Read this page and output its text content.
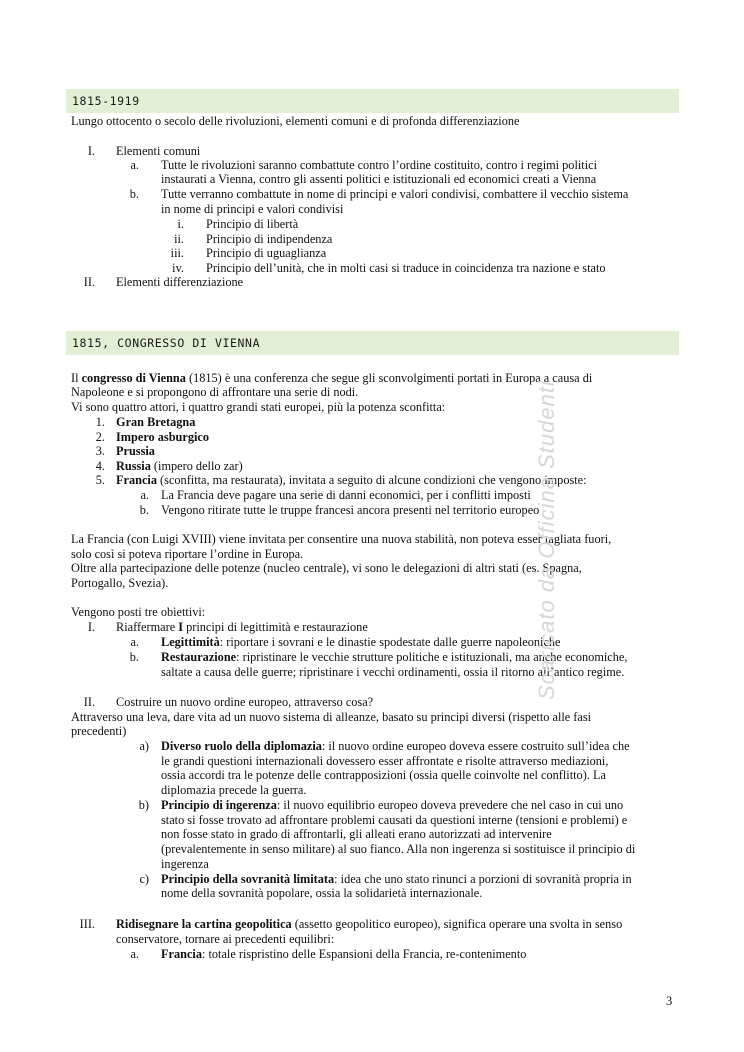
1815-1919
Lungo ottocento o secolo delle rivoluzioni, elementi comuni e di profonda differenziazione
I. Elementi comuni
a. Tutte le rivoluzioni saranno combattute contro l’ordine costituito, contro i regimi politici
instaurati a Vienna, contro gli assenti politici e istituzionali ed economici creati a Vienna
b. Tutte verranno combattute in nome di principi e valori condivisi, combattere il vecchio sistema
in nome di principi e valori condivisi
i. Principio di libertà
ii. Principio di indipendenza
iii. Principio di uguaglianza
iv. Principio dell’unità, che in molti casi si traduce in coincidenza tra nazione e stato
II. Elementi differenziazione
1815, CONGRESSO DI VIENNA
Il congresso di Vienna (1815) è una conferenza che segue gli sconvolgimenti portati in Europa a causa di
Napoleone e si propongono di affrontare una serie di nodi.
Vi sono quattro attori, i quattro grandi stati europei, più la potenza sconfitta:
1. Gran Bretagna
2. Impero asburgico
3. Prussia
4. Russia (impero dello zar)
5. Francia (sconfitta, ma restaurata), invitata a seguito di alcune condizioni che vengono imposte:
a. La Francia deve pagare una serie di danni economici, per i conflitti imposti
b. Vengono ritirate tutte le truppe francesi ancora presenti nel territorio europeo
La Francia (con Luigi XVIII) viene invitata per consentire una nuova stabilità, non poteva esser tagliata fuori,
solo così si poteva riportare l’ordine in Europa.
Oltre alla partecipazione delle potenze (nucleo centrale), vi sono le delegazioni di altri stati (es. Spagna,
Portogallo, Svezia).
Vengono posti tre obiettivi:
I. Riaffermare I principi di legittimità e restaurazione
a. Legittimità: riportare i sovrani e le dinastie spodestate dalle guerre napoleoniche
b. Restaurazione: ripristinare le vecchie strutture politiche e istituzionali, ma anche economiche,
saltate a causa delle guerre; ripristinare i vecchi ordinamenti, ossia il ritorno all’antico regime.
II. Costruire un nuovo ordine europeo, attraverso cosa?
Attraverso una leva, dare vita ad un nuovo sistema di alleanze, basato su principi diversi (rispetto alle fasi
precedenti)
a) Diverso ruolo della diplomazia: il nuovo ordine europeo doveva essere costruito sull’idea che
le grandi questioni internazionali dovessero esser affrontate e risolte attraverso mediazioni,
ossia accordi tra le potenze delle contrapposizioni (ossia quelle coinvolte nel conflitto). La
diplomazia precede la guerra.
b) Principio di ingerenza: il nuovo equilibrio europeo doveva prevedere che nel caso in cui uno
stato si fosse trovato ad affrontare problemi causati da questioni interne (tensioni e problemi) e
non fosse stato in grado di affrontarli, gli alleati erano autorizzati ad intervenire
(prevalentemente in senso militare) al suo fianco. Alla non ingerenza si sostituisce il principio di
ingerenza
c) Principio della sovranità limitata: idea che uno stato rinunci a porzioni di sovranità propria in
nome della sovranità popolare, ossia la solidarietà internazionale.
III. Ridisegnare la cartina geopolitica (assetto geopolitico europeo), significa operare una svolta in senso
conservatore, tornare ai precedenti equilibri:
a. Francia: totale rispristino delle Espansioni della Francia, re-contenimento
Scaricato da Officina Studenti
3
